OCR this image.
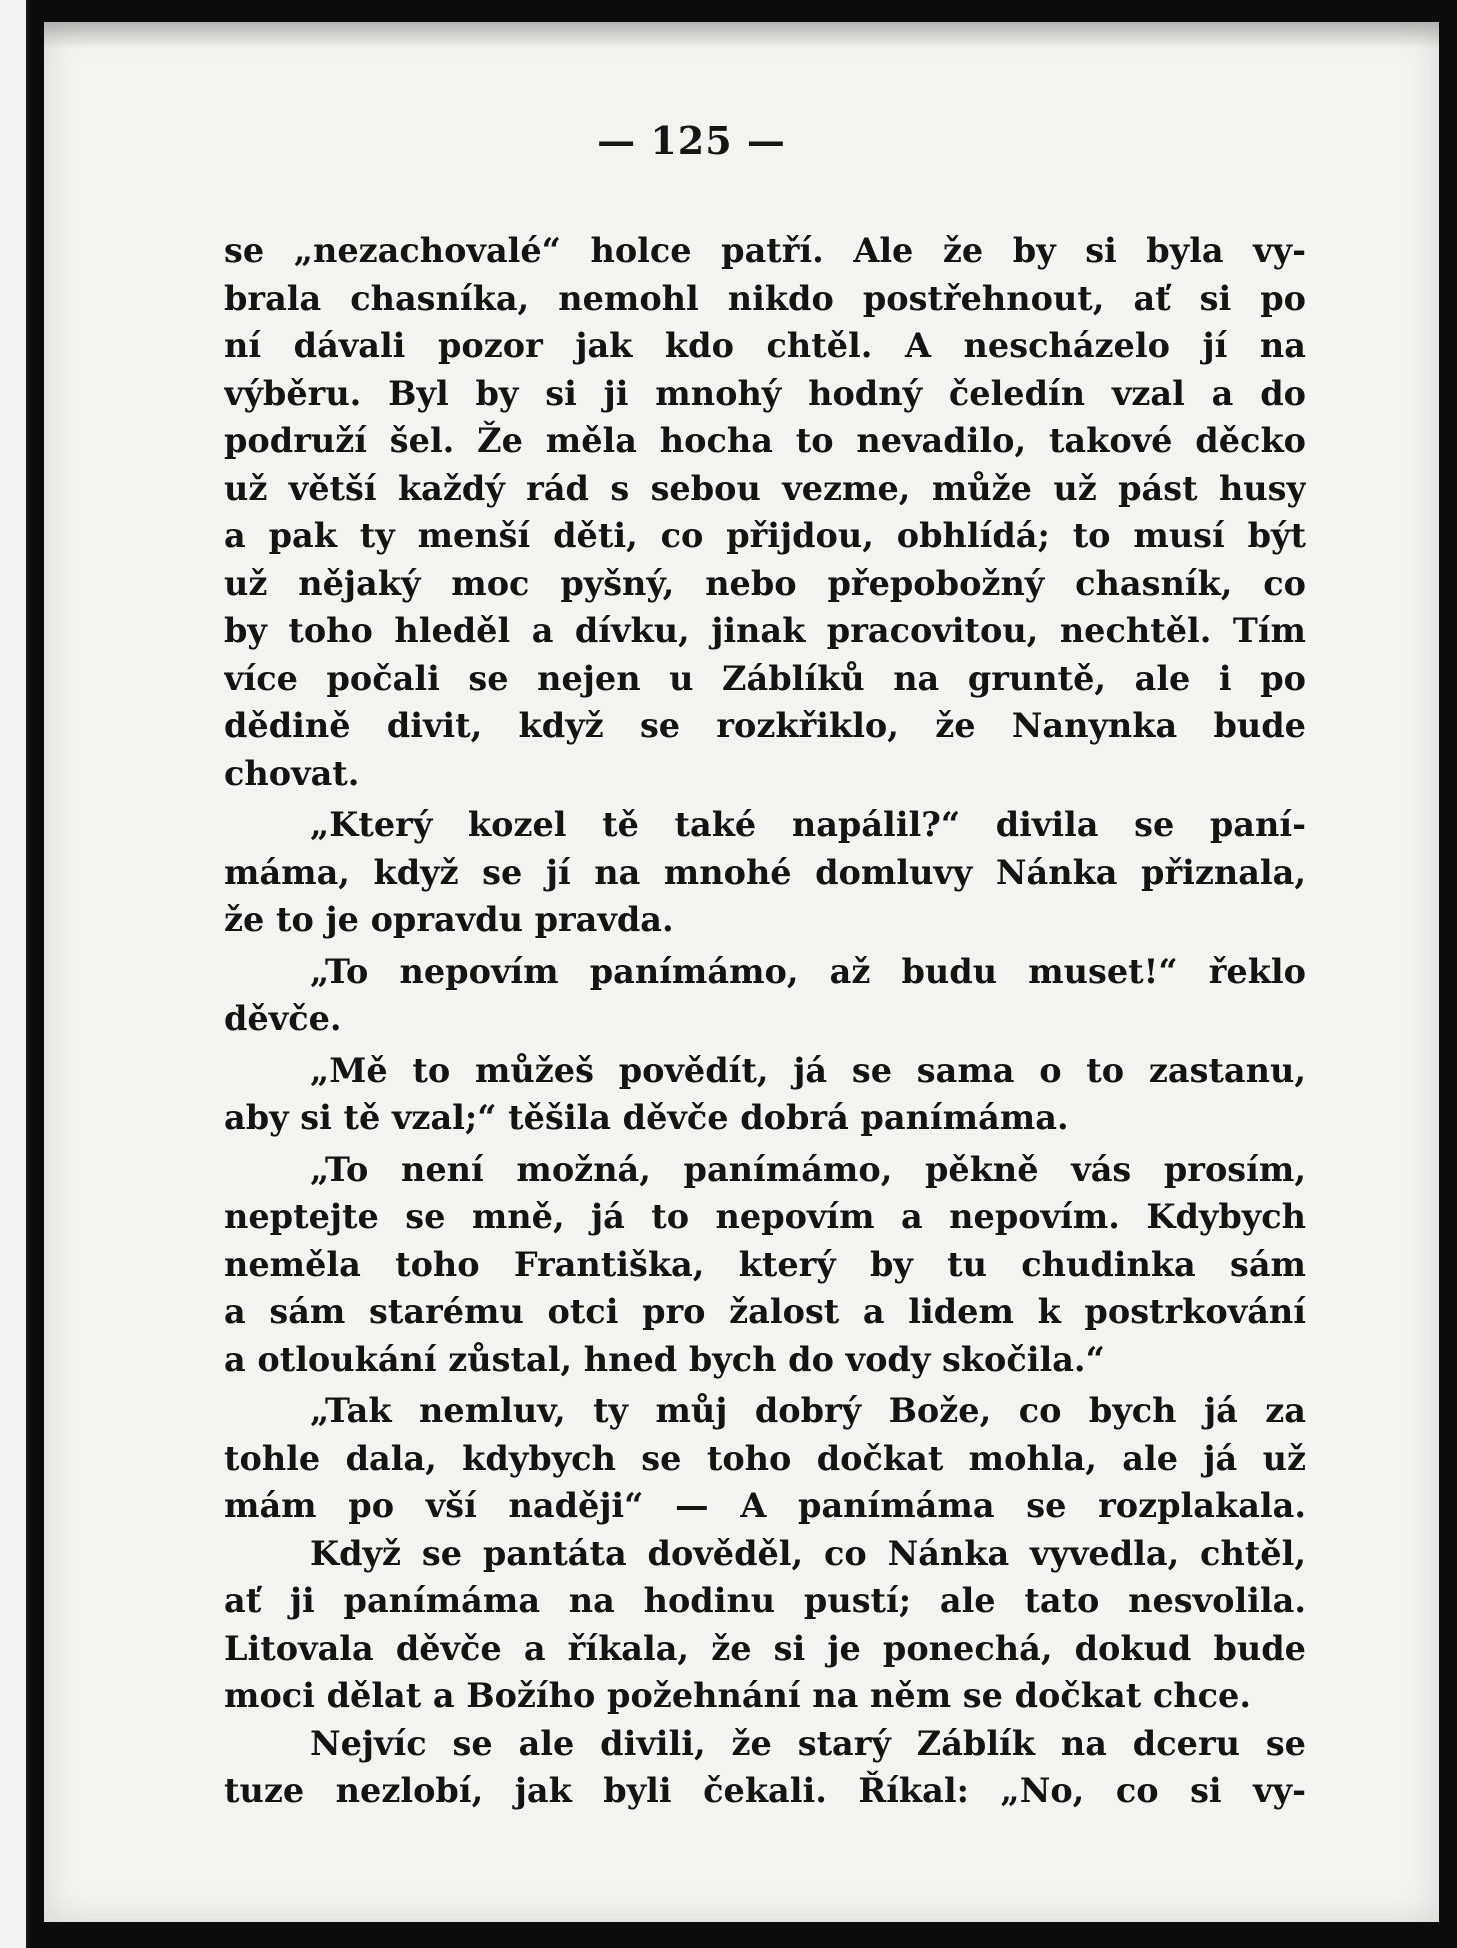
— 125 —
se „nezachovalé“ holce patří. Ale že by si byla vy-
brala chasníka, nemohl nikdo postřehnout, ať si po
ní dávali pozor jak kdo chtěl. A nescházelo jí na
výběru. Byl by si ji mnohý hodný čeledín vzal a do
podruží šel. Že měla hocha to nevadilo, takové děcko
už větší každý rád s sebou vezme, může už pást husy
a pak ty menší děti, co přijdou, obhlídá; to musí být
už nějaký moc pyšný, nebo přepobožný chasník, co
by toho hleděl a dívku, jinak pracovitou, nechtěl. Tím
více počali se nejen u Záblíků na gruntě, ale i po
dědině divit, když se rozkřiklo, že Nanynka bude
chovat.
„Který kozel tě také napálil?“ divila se paní-
máma, když se jí na mnohé domluvy Nánka přiznala,
že to je opravdu pravda.
„To nepovím panímámo, až budu muset!“ řeklo
děvče.
„Mě to můžeš povědít, já se sama o to zastanu,
aby si tě vzal;“ těšila děvče dobrá panímáma.
„To není možná, panímámo, pěkně vás prosím,
neptejte se mně, já to nepovím a nepovím. Kdybych
neměla toho Františka, který by tu chudinka sám
a sám starému otci pro žalost a lidem k postrkování
a otloukání zůstal, hned bych do vody skočila.“
„Tak nemluv, ty můj dobrý Bože, co bych já za
tohle dala, kdybych se toho dočkat mohla, ale já už
mám po vší naději“ — A panímáma se rozplakala.
Když se pantáta dověděl, co Nánka vyvedla, chtěl,
ať ji panímáma na hodinu pustí; ale tato nesvolila.
Litovala děvče a říkala, že si je ponechá, dokud bude
moci dělat a Božího požehnání na něm se dočkat chce.
Nejvíc se ale divili, že starý Záblík na dceru se
tuze nezlobí, jak byli čekali. Říkal: „No, co si vy-
